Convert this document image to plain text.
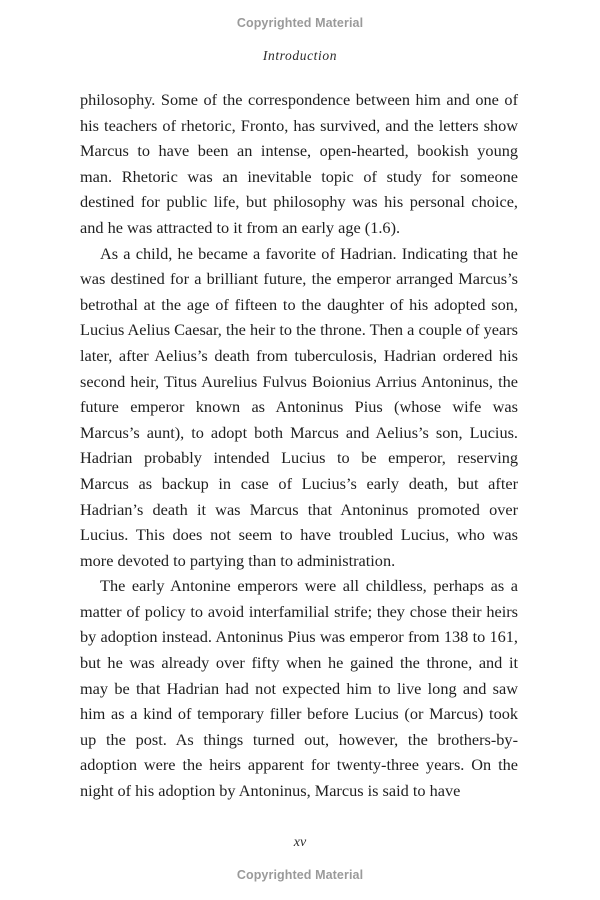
Copyrighted Material
Introduction

philosophy. Some of the correspondence between him and one of his teachers of rhetoric, Fronto, has survived, and the letters show Marcus to have been an intense, open-hearted, bookish young man. Rhetoric was an inevitable topic of study for someone destined for public life, but philosophy was his personal choice, and he was attracted to it from an early age (1.6).

As a child, he became a favorite of Hadrian. Indicating that he was destined for a brilliant future, the emperor arranged Marcus’s betrothal at the age of fifteen to the daughter of his adopted son, Lucius Aelius Caesar, the heir to the throne. Then a couple of years later, after Aelius’s death from tuberculosis, Hadrian ordered his second heir, Titus Aurelius Fulvus Boionius Arrius Antoninus, the future emperor known as Antoninus Pius (whose wife was Marcus’s aunt), to adopt both Marcus and Aelius’s son, Lucius. Hadrian probably intended Lucius to be emperor, reserving Marcus as backup in case of Lucius’s early death, but after Hadrian’s death it was Marcus that Antoninus promoted over Lucius. This does not seem to have troubled Lucius, who was more devoted to partying than to administration.

The early Antonine emperors were all childless, perhaps as a matter of policy to avoid interfamilial strife; they chose their heirs by adoption instead. Antoninus Pius was emperor from 138 to 161, but he was already over fifty when he gained the throne, and it may be that Hadrian had not expected him to live long and saw him as a kind of temporary filler before Lucius (or Marcus) took up the post. As things turned out, however, the brothers-by-adoption were the heirs apparent for twenty-three years. On the night of his adoption by Antoninus, Marcus is said to have

xv
Copyrighted Material
